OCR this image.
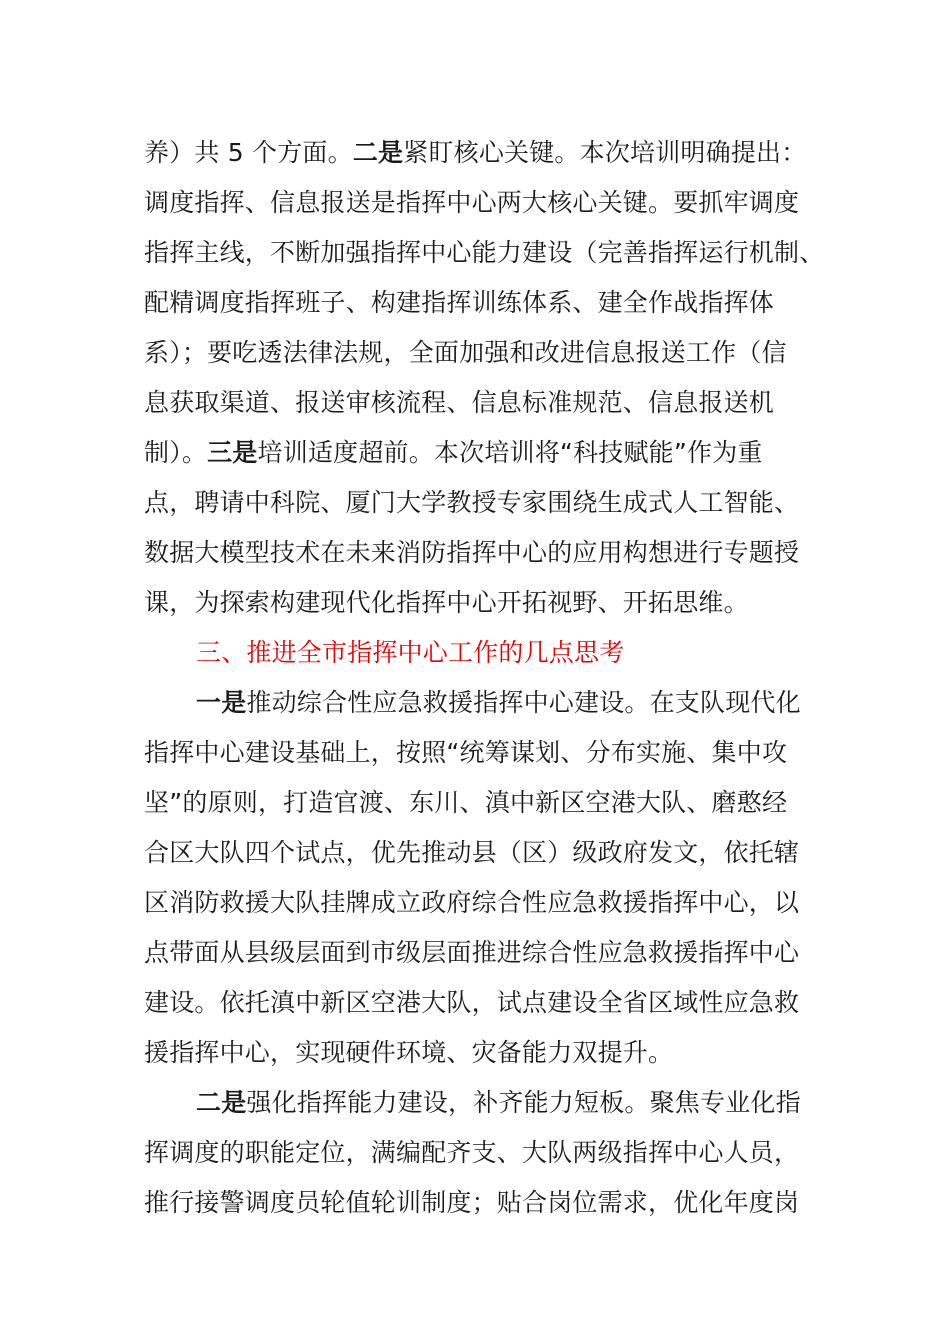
养）共 5 个方面。二是紧盯核心关键。本次培训明确提出：
调度指挥、信息报送是指挥中心两大核心关键。要抓牢调度
指挥主线，不断加强指挥中心能力建设（完善指挥运行机制、
配精调度指挥班子、构建指挥训练体系、建全作战指挥体
系）；要吃透法律法规，全面加强和改进信息报送工作（信
息获取渠道、报送审核流程、信息标准规范、信息报送机
制）。三是培训适度超前。本次培训将“科技赋能”作为重
点，聘请中科院、厦门大学教授专家围绕生成式人工智能、
数据大模型技术在未来消防指挥中心的应用构想进行专题授
课，为探索构建现代化指挥中心开拓视野、开拓思维。
三、推进全市指挥中心工作的几点思考
一是推动综合性应急救援指挥中心建设。在支队现代化
指挥中心建设基础上，按照“统筹谋划、分布实施、集中攻
坚”的原则，打造官渡、东川、滇中新区空港大队、磨憨经
合区大队四个试点，优先推动县（区）级政府发文，依托辖
区消防救援大队挂牌成立政府综合性应急救援指挥中心，以
点带面从县级层面到市级层面推进综合性应急救援指挥中心
建设。依托滇中新区空港大队，试点建设全省区域性应急救
援指挥中心，实现硬件环境、灾备能力双提升。
二是强化指挥能力建设，补齐能力短板。聚焦专业化指
挥调度的职能定位，满编配齐支、大队两级指挥中心人员，
推行接警调度员轮值轮训制度；贴合岗位需求，优化年度岗
